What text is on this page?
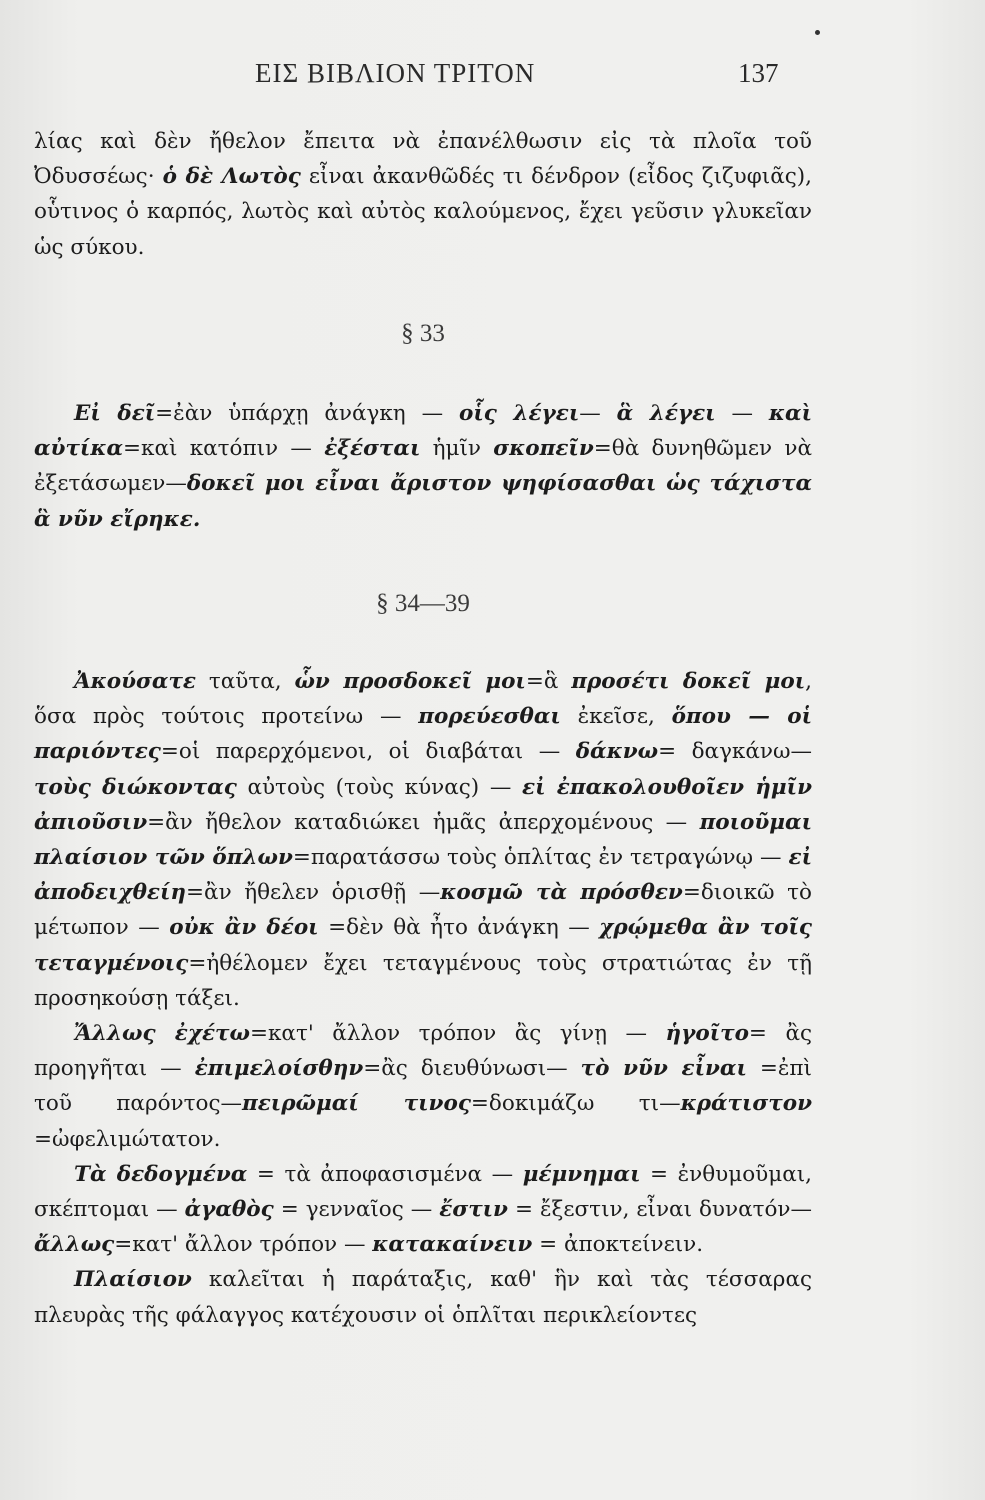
ΕΙΣ ΒΙΒΛΙΟΝ ΤΡΙΤΟΝ	137

λίας καὶ δὲν ἤθελον ἔπειτα νὰ ἐπανέλθωσιν εἰς τὰ πλοῖα τοῦ Ὀδυσσέως· ὁ δὲ Λωτὸς εἶναι ἀκανθῶδές τι δένδρον (εἶδος ζιζυφιᾶς), οὗτινος ὁ καρπός, λωτὸς καὶ αὐτὸς καλούμενος, ἔχει γεῦσιν γλυκεῖαν ὡς σύκου.

§ 33

Εἰ δεῖ=ἐὰν ὑπάρχῃ ἀνάγκη — οἷς λέγει— ἃ λέγει — καὶ αὐτίκα=καὶ κατόπιν — ἐξέσται ἡμῖν σκοπεῖν=θὰ δυνηθῶμεν νὰ ἐξετάσωμεν—δοκεῖ μοι εἶναι ἄριστον ψηφίσασθαι ὡς τάχιστα ἃ νῦν εἴρηκε.

§ 34—39

Ἀκούσατε ταῦτα, ὧν προσδοκεῖ μοι=ἃ προσέτι δοκεῖ μοι, ὅσα πρὸς τούτοις προτείνω — πορεύεσθαι ἐκεῖσε, ὅπου — οἱ παριόντες=οἱ παρερχόμενοι, οἱ διαβάται — δάκνω= δαγκάνω—τοὺς διώκοντας αὐτοὺς (τοὺς κύνας) — εἰ ἐπακολουθοῖεν ἡμῖν ἀπιοῦσιν=ἂν ἤθελον καταδιώκει ἡμᾶς ἀπερχομένους — ποιοῦμαι πλαίσιον τῶν ὅπλων=παρατάσσω τοὺς ὁπλίτας ἐν τετραγώνῳ — εἰ ἀποδειχθείη=ἂν ἤθελεν ὁρισθῇ —κοσμῶ τὰ πρόσθεν=διοικῶ τὸ μέτωπον — οὐκ ἂν δέοι =δὲν θὰ ἦτο ἀνάγκη — χρῴμεθα ἂν τοῖς τεταγμένοις=ἠθέλομεν ἔχει τεταγμένους τοὺς στρατιώτας ἐν τῇ προσηκούσῃ τάξει.

Ἄλλως ἐχέτω=κατ' ἄλλον τρόπον ἂς γίνῃ — ἡγοῖτο= ἂς προηγῆται — ἐπιμελοίσθην=ἂς διευθύνωσι— τὸ νῦν εἶναι =ἐπὶ τοῦ παρόντος—πειρῶμαί τινος=δοκιμάζω τι—κράτιστον =ὠφελιμώτατον.

Τὰ δεδογμένα = τὰ ἀποφασισμένα — μέμνημαι = ἐνθυμοῦμαι, σκέπτομαι — ἀγαθὸς = γενναῖος — ἔστιν = ἔξεστιν, εἶναι δυνατόν—ἄλλως=κατ' ἄλλον τρόπον — κατακαίνειν = ἀποκτείνειν.

Πλαίσιον καλεῖται ἡ παράταξις, καθ' ἣν καὶ τὰς τέσσαρας πλευρὰς τῆς φάλαγγος κατέχουσιν οἱ ὁπλῖται περικλείοντες
